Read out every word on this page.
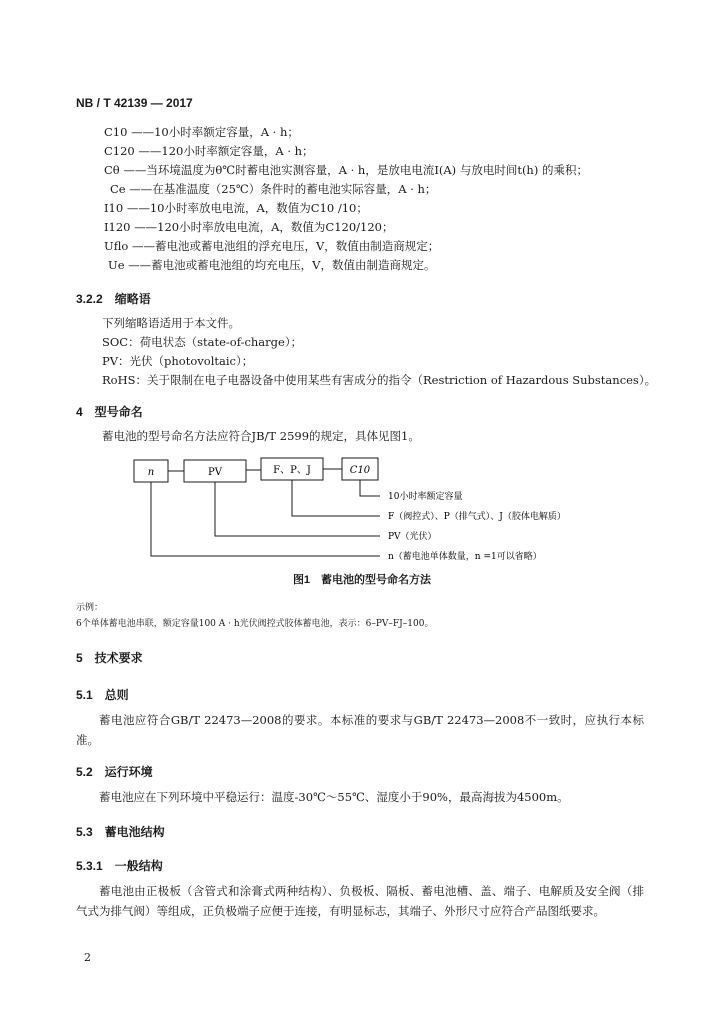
NB / T 42139 — 2017
C10 ——10小时率额定容量，A · h；
C120 ——120小时率额定容量，A · h；
Cθ ——当环境温度为θ℃时蓄电池实测容量，A · h，是放电电流I(A) 与放电时间t(h) 的乘积；
Ce ——在基准温度（25℃）条件时的蓄电池实际容量，A · h；
I10 ——10小时率放电电流，A，数值为C10 /10；
I120 ——120小时率放电电流，A，数值为C120/120；
Uflo ——蓄电池或蓄电池组的浮充电压，V，数值由制造商规定；
Ue ——蓄电池或蓄电池组的均充电压，V，数值由制造商规定。
3.2.2　缩略语
下列缩略语适用于本文件。
SOC：荷电状态（state-of-charge）；
PV：光伏（photovoltaic）；
RoHS：关于限制在电子电器设备中使用某些有害成分的指令（Restriction of Hazardous Substances）。
4　型号命名
蓄电池的型号命名方法应符合JB/T 2599的规定，具体见图1。
n	PV	F、P、J	C10
10小时率额定容量
F（阀控式）、P（排气式）、J（胶体电解质）
PV（光伏）
n（蓄电池单体数量，n =1可以省略）
图1　蓄电池的型号命名方法
示例：
6个单体蓄电池串联，额定容量100 A · h光伏阀控式胶体蓄电池，表示：6–PV–FJ–100。
5　技术要求
5.1　总则
蓄电池应符合GB/T 22473—2008的要求。本标准的要求与GB/T 22473—2008不一致时，应执行本标准。
5.2　运行环境
蓄电池应在下列环境中平稳运行：温度-30℃～55℃、湿度小于90%，最高海拔为4500m。
5.3　蓄电池结构
5.3.1　一般结构
蓄电池由正极板（含管式和涂膏式两种结构）、负极板、隔板、蓄电池槽、盖、端子、电解质及安全阀（排气式为排气阀）等组成，正负极端子应便于连接，有明显标志，其端子、外形尺寸应符合产品图纸要求。
2
